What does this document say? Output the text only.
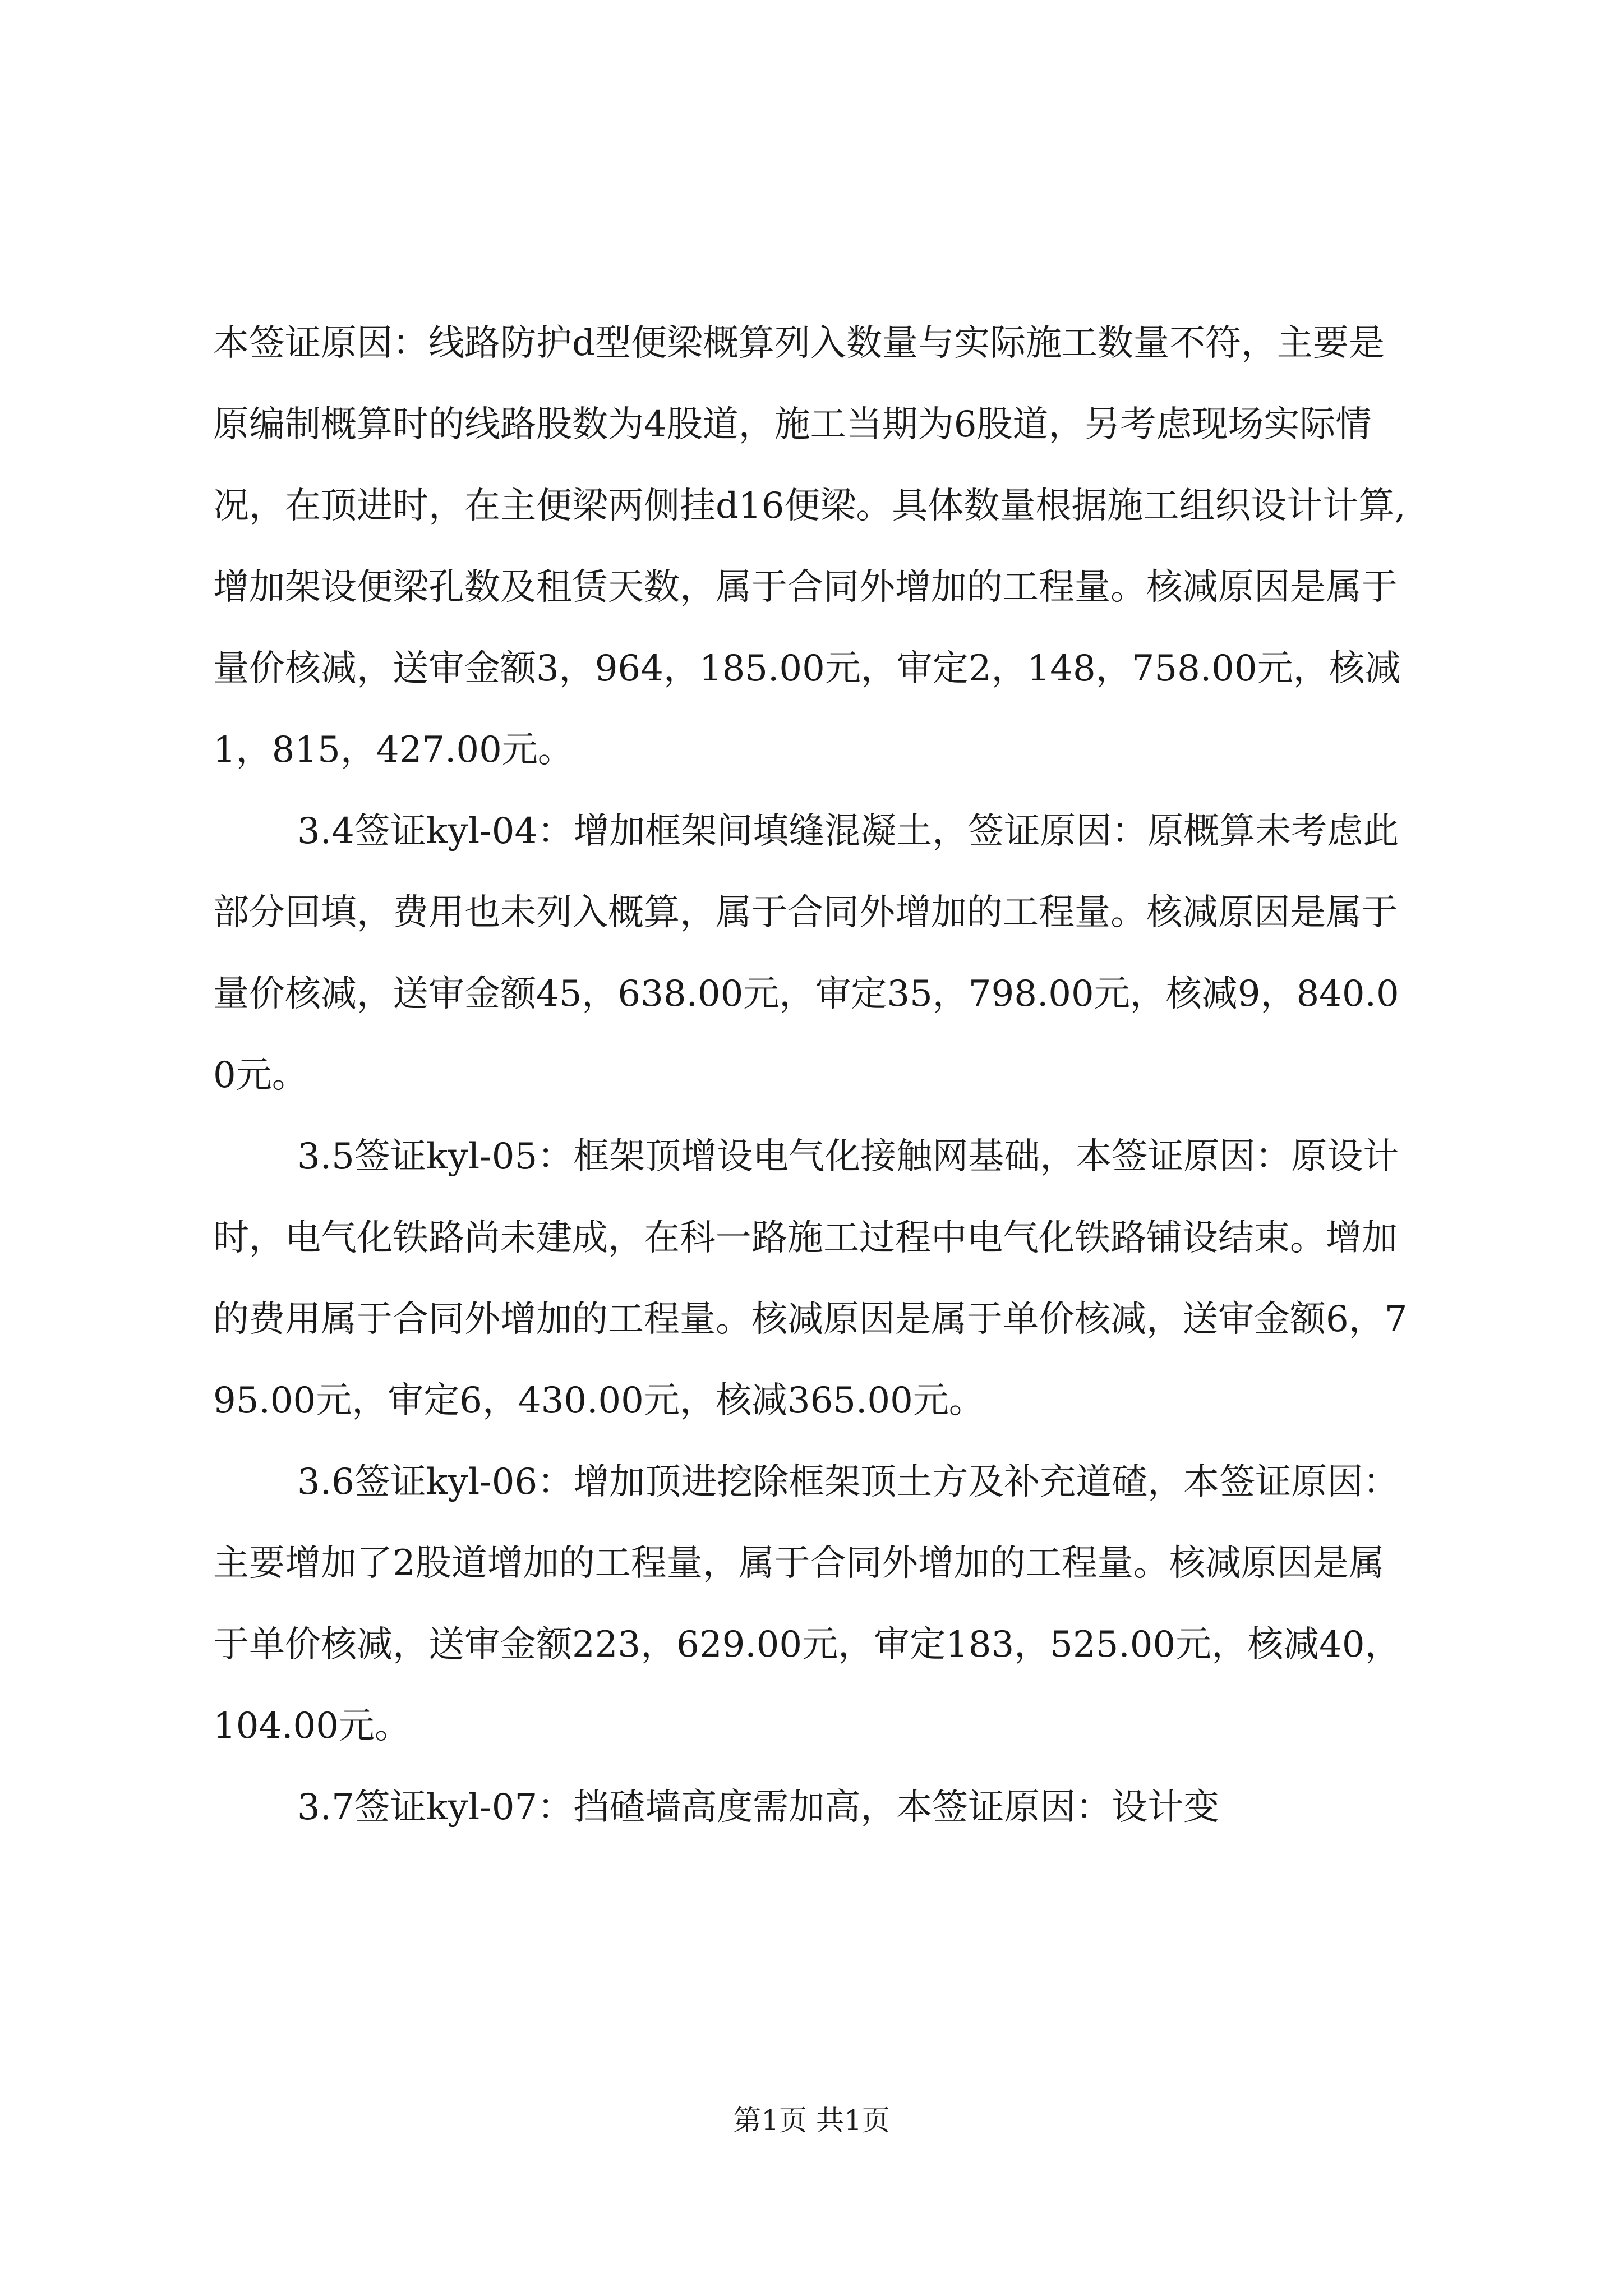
本签证原因：线路防护d型便梁概算列入数量与实际施工数量不符，主要是原编制概算时的线路股数为4股道，施工当期为6股道，另考虑现场实际情况，在顶进时，在主便梁两侧挂d16便梁。具体数量根据施工组织设计计算,增加架设便梁孔数及租赁天数，属于合同外增加的工程量。核减原因是属于量价核减，送审金额3，964，185.00元，审定2，148，758.00元，核减1，815，427.00元。

3.4签证kyl-04：增加框架间填缝混凝土，签证原因：原概算未考虑此部分回填，费用也未列入概算，属于合同外增加的工程量。核减原因是属于量价核减，送审金额45，638.00元，审定35，798.00元，核减9，840.00元。

3.5签证kyl-05：框架顶增设电气化接触网基础，本签证原因：原设计时，电气化铁路尚未建成，在科一路施工过程中电气化铁路铺设结束。增加的费用属于合同外增加的工程量。核减原因是属于单价核减，送审金额6，795.00元，审定6，430.00元，核减365.00元。

3.6签证kyl-06：增加顶进挖除框架顶土方及补充道碴，本签证原因：主要增加了2股道增加的工程量，属于合同外增加的工程量。核减原因是属于单价核减，送审金额223，629.00元，审定183，525.00元，核减40，104.00元。

3.7签证kyl-07：挡碴墙高度需加高，本签证原因：设计变

第1页 共1页
